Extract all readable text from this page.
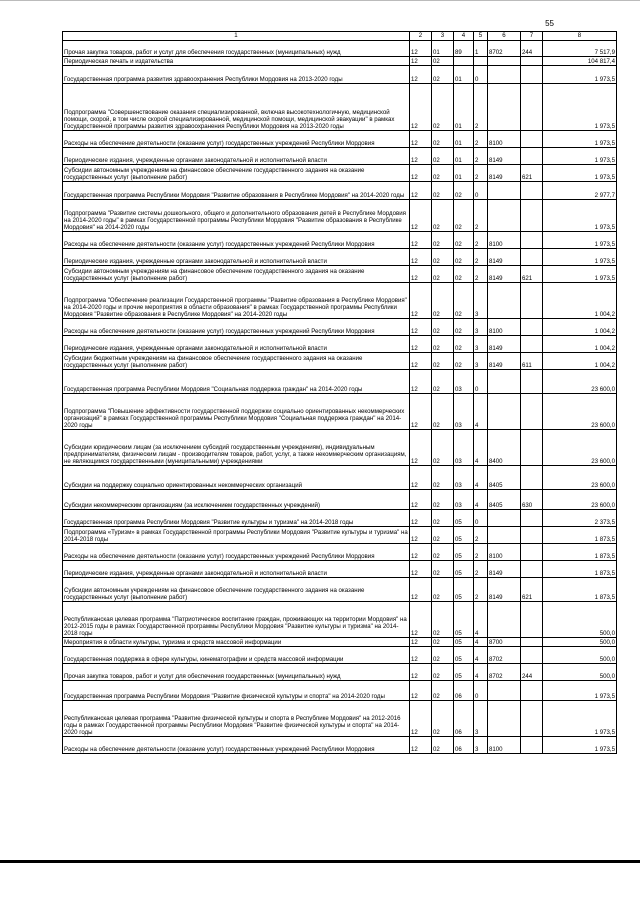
55
1	2	3	4	5	6	7	8
Прочая закупка товаров, работ и услуг для обеспечения государственных (муниципальных) нужд	12	01	89	1	8702	244	7 517,9
Периодическая печать и издательства	12	02					104 817,4
Государственная программа развития здравоохранения Республики Мордовия на 2013-2020 годы	12	02	01	0			1 973,5
Подпрограмма "Совершенствование оказания специализированной, включая высокотехнологичную, медицинской помощи, скорой, в том числе скорой специализированной, медицинской помощи, медицинской эвакуации" в рамках Государственной программы развития здравоохранения Республики Мордовия на 2013-2020 годы	12	02	01	2			1 973,5
Расходы на обеспечение деятельности (оказание услуг) государственных учреждений Республики Мордовия	12	02	01	2	8100		1 973,5
Периодические издания, учрежденные органами законодательной и исполнительной власти	12	02	01	2	8149		1 973,5
Субсидии автономным учреждениям на финансовое обеспечение государственного задания на оказание государственных услуг (выполнение работ)	12	02	01	2	8149	621	1 973,5
Государственная программа Республики Мордовия "Развитие образования в Республике Мордовия" на 2014-2020 годы	12	02	02	0			2 977,7
Подпрограмма "Развитие системы дошкольного, общего и дополнительного образования детей в Республике Мордовия на 2014-2020 годы" в рамках Государственной программы Республики Мордовия "Развитие образования в Республике Мордовия" на 2014-2020 годы	12	02	02	2			1 973,5
Расходы на обеспечение деятельности (оказание услуг) государственных учреждений Республики Мордовия	12	02	02	2	8100		1 973,5
Периодические издания, учрежденные органами законодательной и исполнительной власти	12	02	02	2	8149		1 973,5
Субсидии автономным учреждениям на финансовое обеспечение государственного задания на оказание государственных услуг (выполнение работ)	12	02	02	2	8149	621	1 973,5
Подпрограмма "Обеспечение реализации Государственной программы "Развитие образования в Республике Мордовия" на 2014-2020 годы и прочие мероприятия в области образования" в рамках Государственной программы Республики Мордовия "Развитие образования в Республике Мордовия" на 2014-2020 годы	12	02	02	3			1 004,2
Расходы на обеспечение деятельности (оказание услуг) государственных учреждений Республики Мордовия	12	02	02	3	8100		1 004,2
Периодические издания, учрежденные органами законодательной и исполнительной власти	12	02	02	3	8149		1 004,2
Субсидии бюджетным учреждениям на финансовое обеспечение государственного задания на оказание государственных услуг (выполнение работ)	12	02	02	3	8149	611	1 004,2
Государственная программа Республики Мордовия "Социальная поддержка граждан" на 2014-2020 годы	12	02	03	0			23 600,0
Подпрограмма "Повышение эффективности государственной поддержки социально ориентированных некоммерческих организаций" в рамках Государственной программы Республики Мордовия "Социальная поддержка граждан" на 2014-2020 годы	12	02	03	4			23 600,0
Субсидии юридическим лицам (за исключением субсидий государственным учреждениям), индивидуальным предпринимателям, физическим лицам - производителям товаров, работ, услуг, а также некоммерческим организациям, не являющимся государственными (муниципальными) учреждениями	12	02	03	4	8400		23 600,0
Субсидии на поддержку социально ориентированных некоммерческих организаций	12	02	03	4	8405		23 600,0
Субсидии некоммерческим организациям (за исключением государственных учреждений)	12	02	03	4	8405	630	23 600,0
Государственная программа Республики Мордовия "Развитие культуры и туризма" на 2014-2018 годы	12	02	05	0			2 373,5
Подпрограмма «Туризм» в рамках Государственной программы Республики Мордовия "Развитие культуры и туризма" на 2014-2018 годы	12	02	05	2			1 873,5
Расходы на обеспечение деятельности (оказание услуг) государственных учреждений Республики Мордовия	12	02	05	2	8100		1 873,5
Периодические издания, учрежденные органами законодательной и исполнительной власти	12	02	05	2	8149		1 873,5
Субсидии автономным учреждениям на финансовое обеспечение государственного задания на оказание государственных услуг (выполнение работ)	12	02	05	2	8149	621	1 873,5
Республиканская целевая программа "Патриотическое воспитание граждан, проживающих на территории Мордовия" на 2012-2015 годы в рамках Государственной программы Республики Мордовия "Развитие культуры и туризма" на 2014-2018 годы	12	02	05	4			500,0
Мероприятия в области культуры, туризма и средств массовой информации	12	02	05	4	8700		500,0
Государственная поддержка в сфере культуры, кинематографии и средств массовой информации	12	02	05	4	8702		500,0
Прочая закупка товаров, работ и услуг для обеспечения государственных (муниципальных) нужд	12	02	05	4	8702	244	500,0
Государственная программа Республики Мордовия "Развитие физической культуры и спорта" на 2014-2020 годы	12	02	06	0			1 973,5
Республиканская целевая программа "Развитие физической культуры и спорта в Республике Мордовия" на 2012-2016 годы в рамках Государственной программы Республики Мордовия "Развитие физической культуры и спорта" на 2014-2020 годы	12	02	06	3			1 973,5
Расходы на обеспечение деятельности (оказание услуг) государственных учреждений Республики Мордовия	12	02	06	3	8100		1 973,5
